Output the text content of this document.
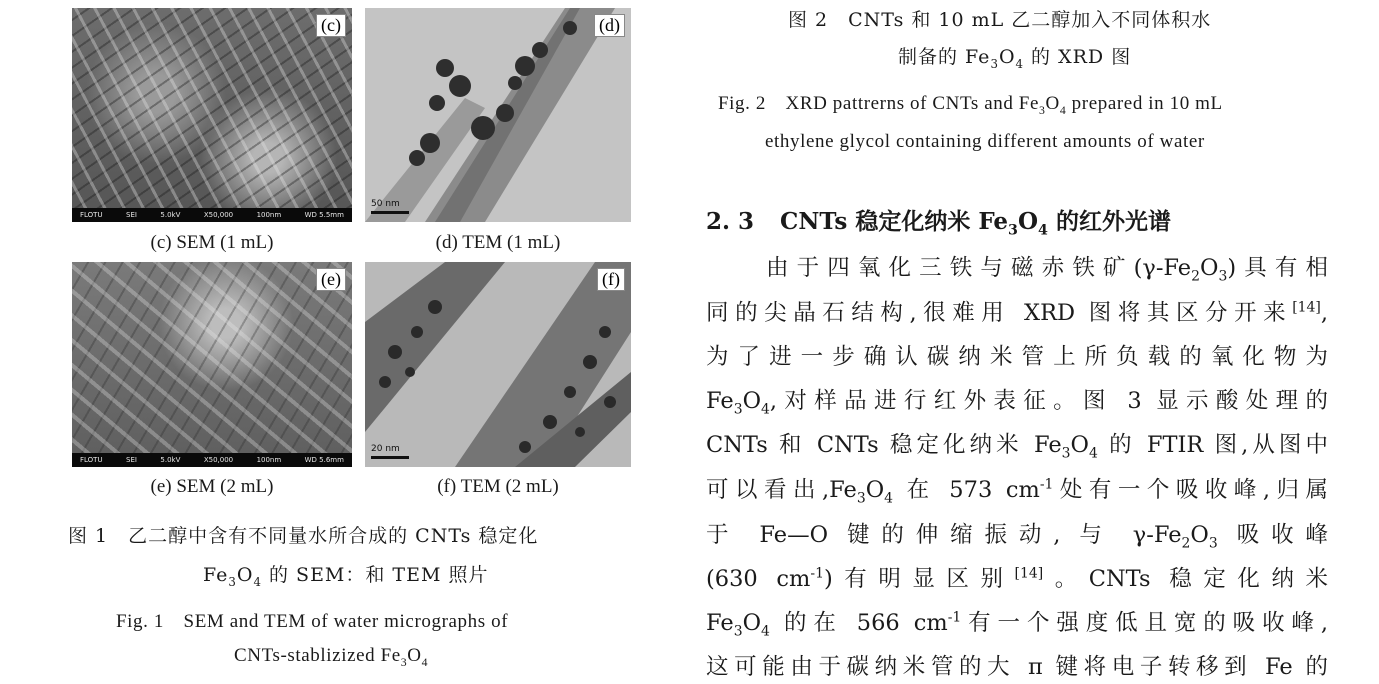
(c)
FLOTU	SEI	5.0kV	X50,000	100nm	WD 5.5mm
(d)
50 nm
(c) SEM (1 mL)	(d) TEM (1 mL)
(e)
FLOTU	SEI	5.0kV	X50,000	100nm	WD 5.6mm
(f)
20 nm
(e) SEM (2 mL)	(f) TEM (2 mL)
图 1　乙二醇中含有不同量水所合成的 CNTs 稳定化
$Fe_3O_4$ 的 SEM：和 TEM 照片
Fig. 1　SEM and TEM of water micrographs of
CNTs-stablizized $Fe_3O_4$
图 2　CNTs 和 10 mL 乙二醇加入不同体积水
制备的 $Fe_3O_4$ 的 XRD 图
Fig. 2　XRD pattrerns of CNTs and $Fe_3O_4$ prepared in 10 mL
ethylene glycol containing different amounts of water
2. 3 CNTs 稳定化纳米 $Fe_3O_4$ 的红外光谱
由于四氧化三铁与磁赤铁矿$(\gamma-Fe_2O_3)$具有相
同的尖晶石结构,很难用 XRD 图将其区分开来[14],
为了进一步确认碳纳米管上所负载的氧化物为
$Fe_3O_4$,对样品进行红外表征。图 3 显示酸处理的
CNTs 和 CNTs 稳定化纳米 $Fe_3O_4$ 的 FTIR 图,从图中
可以看出$,Fe_3O_4$ 在 573 $cm^{-1}$处有一个吸收峰,归属
于 Fe—O 键的伸缩振动, 与 $\gamma-Fe_2O_3$ 吸收峰
(630 $cm^{-1}$)有明显区别[14]。CNTs 稳定化纳米
$Fe_3O_4$ 的在 566 $cm^{-1}$有一个强度低且宽的吸收峰,
这可能由于碳纳米管的大 π 键将电子转移到 Fe 的
